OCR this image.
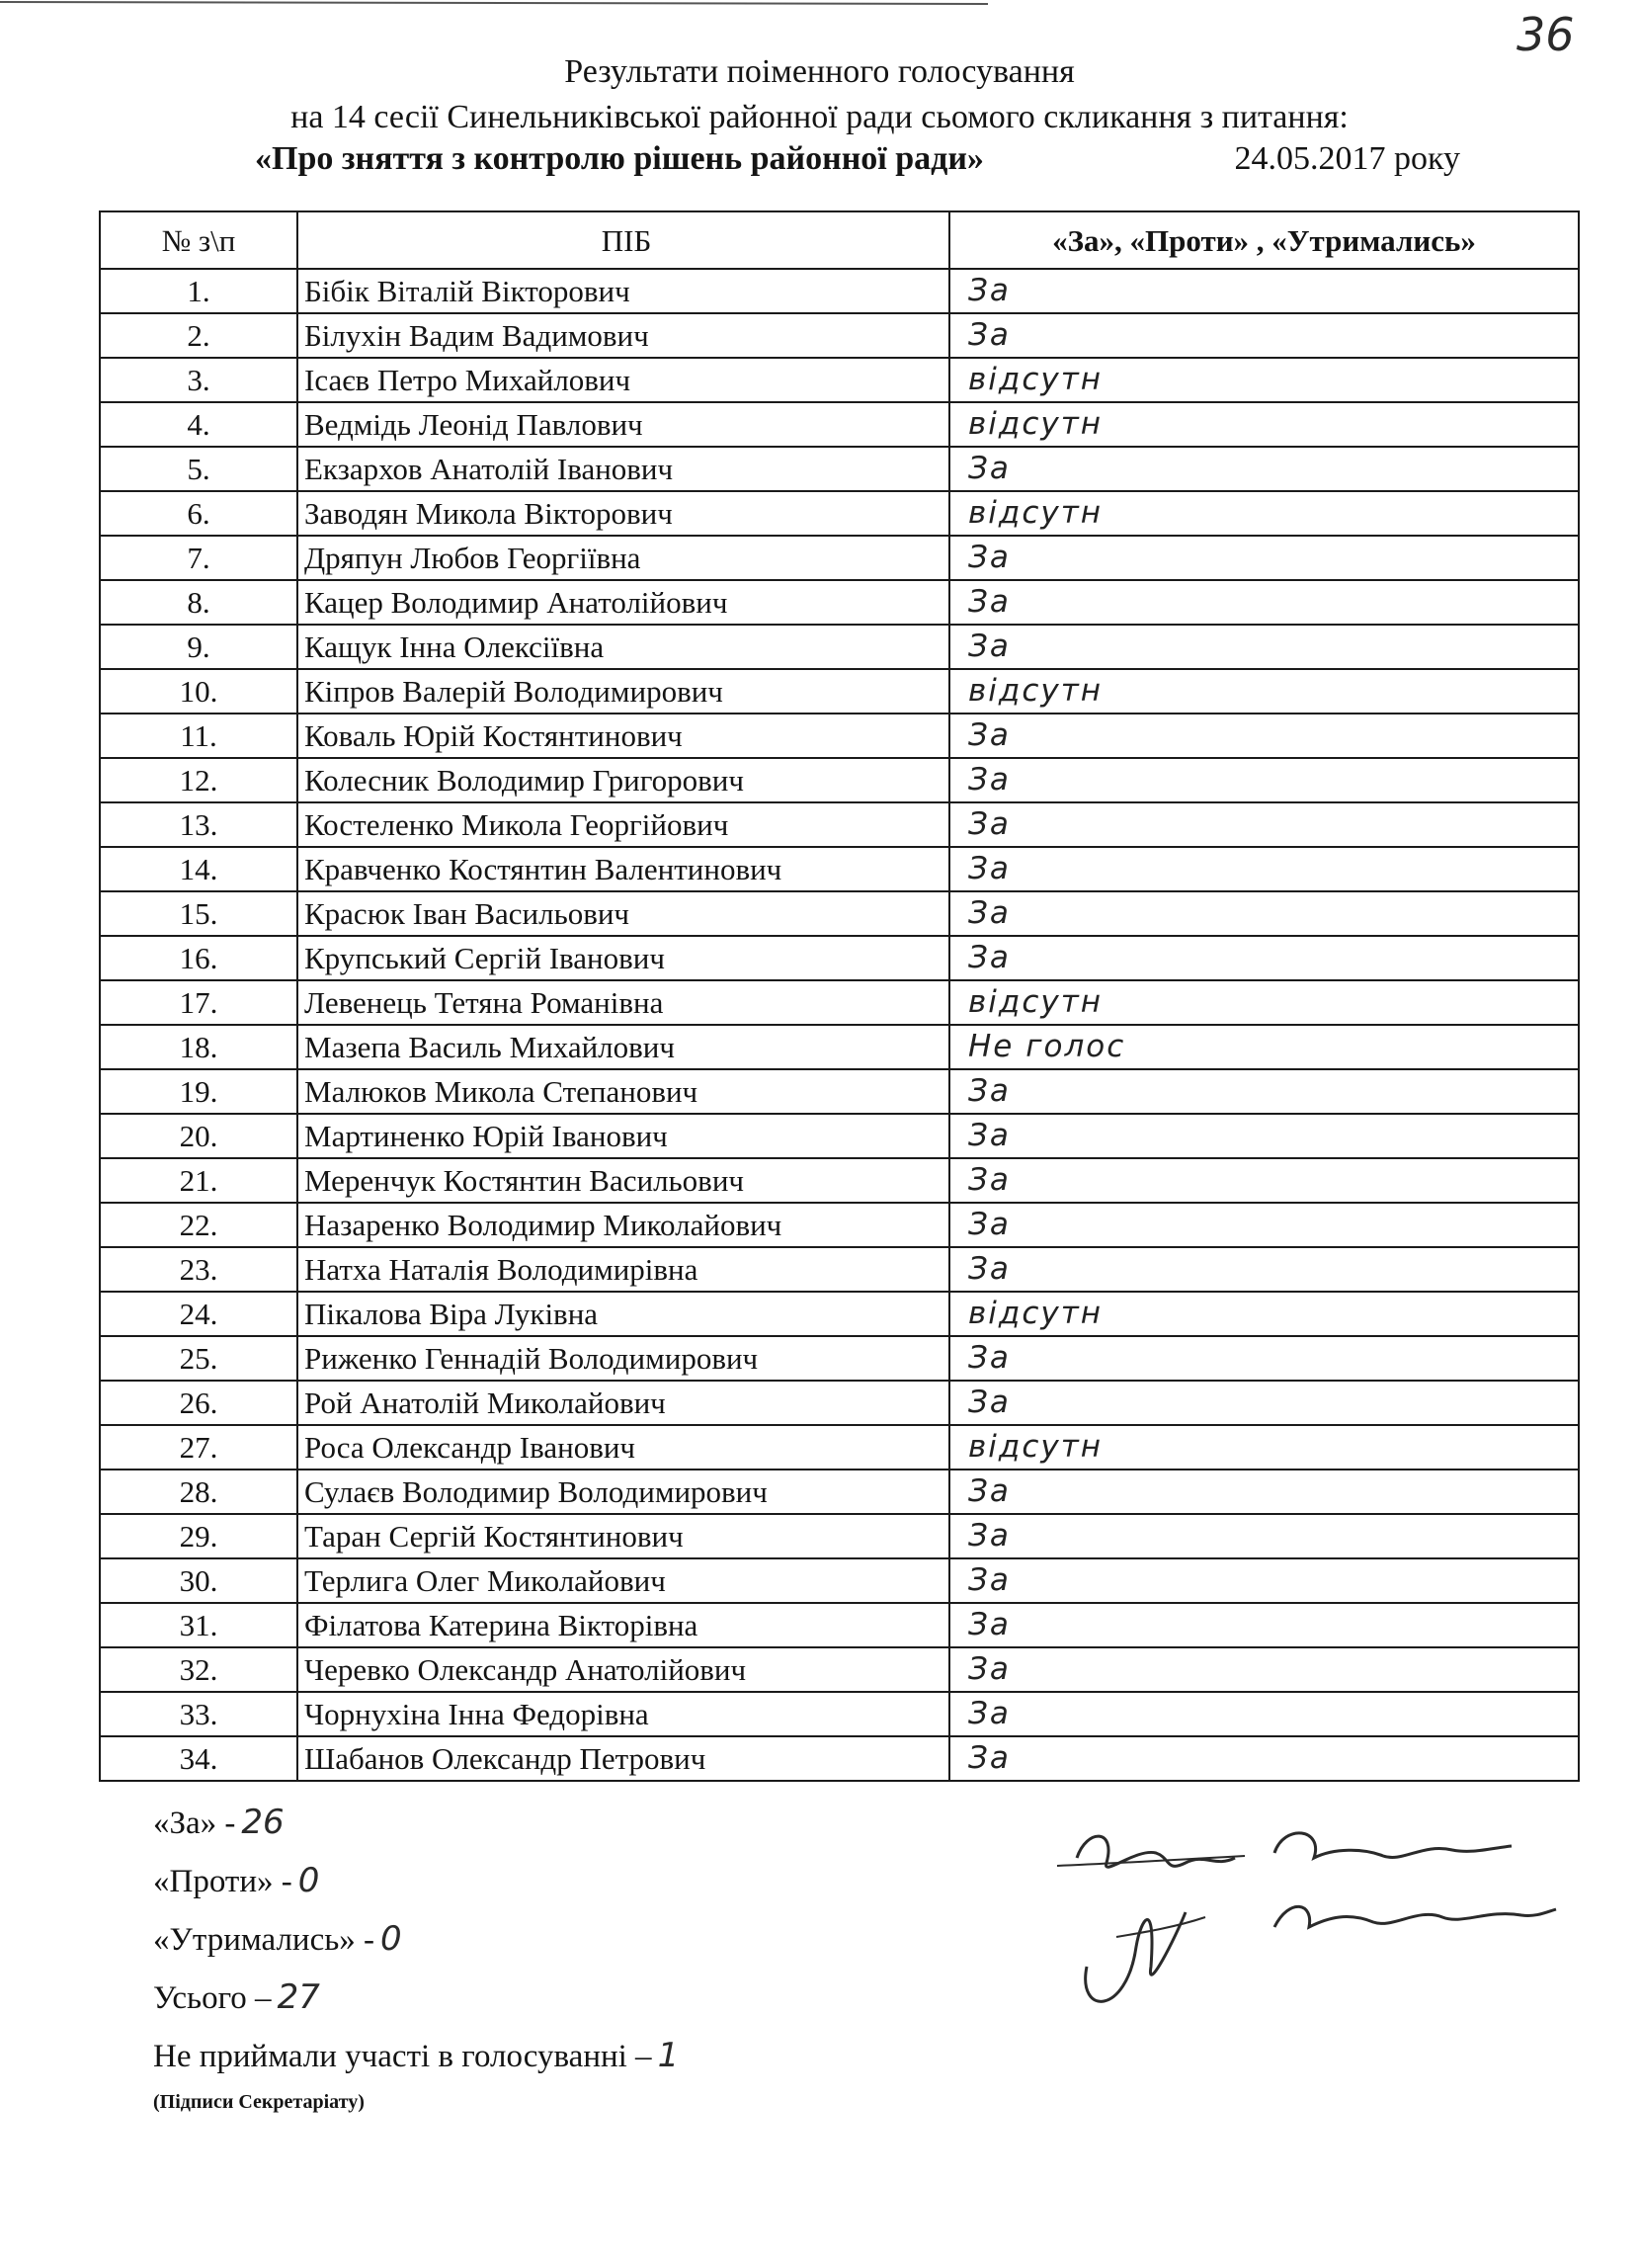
36
Результати поіменного голосування
на 14 сесії Синельниківської районної ради сьомого скликання з питання:
«Про зняття з контролю рішень районної ради»	24.05.2017 року
№ з\п	ПІБ	«За», «Проти» , «Утримались»
1.	Бібік Віталій Вікторович	За
2.	Білухін Вадим Вадимович	За
3.	Ісаєв Петро Михайлович	відсутн
4.	Ведмідь Леонід Павлович	відсутн
5.	Екзархов Анатолій Іванович	За
6.	Заводян Микола Вікторович	відсутн
7.	Дряпун Любов Георгіївна	За
8.	Кацер Володимир Анатолійович	За
9.	Кащук Інна Олексіївна	За
10.	Кіпров Валерій Володимирович	відсутн
11.	Коваль Юрій Костянтинович	За
12.	Колесник Володимир Григорович	За
13.	Костеленко Микола Георгійович	За
14.	Кравченко Костянтин Валентинович	За
15.	Красюк Іван Васильович	За
16.	Крупський Сергій Іванович	За
17.	Левенець Тетяна Романівна	відсутн
18.	Мазепа Василь Михайлович	Не голос
19.	Малюков Микола Степанович	За
20.	Мартиненко Юрій Іванович	За
21.	Меренчук Костянтин Васильович	За
22.	Назаренко Володимир Миколайович	За
23.	Натха Наталія Володимирівна	За
24.	Пікалова Віра Луківна	відсутн
25.	Риженко Геннадій Володимирович	За
26.	Рой Анатолій Миколайович	За
27.	Роса Олександр Іванович	відсутн
28.	Сулаєв Володимир Володимирович	За
29.	Таран Сергій Костянтинович	За
30.	Терлига Олег Миколайович	За
31.	Філатова Катерина Вікторівна	За
32.	Черевко Олександр Анатолійович	За
33.	Чорнухіна Інна Федорівна	За
34.	Шабанов Олександр Петрович	За
«За» - 26
«Проти» - 0
«Утримались» - 0
Усього – 27
Не приймали участі в голосуванні – 1
(Підписи Секретаріату)
